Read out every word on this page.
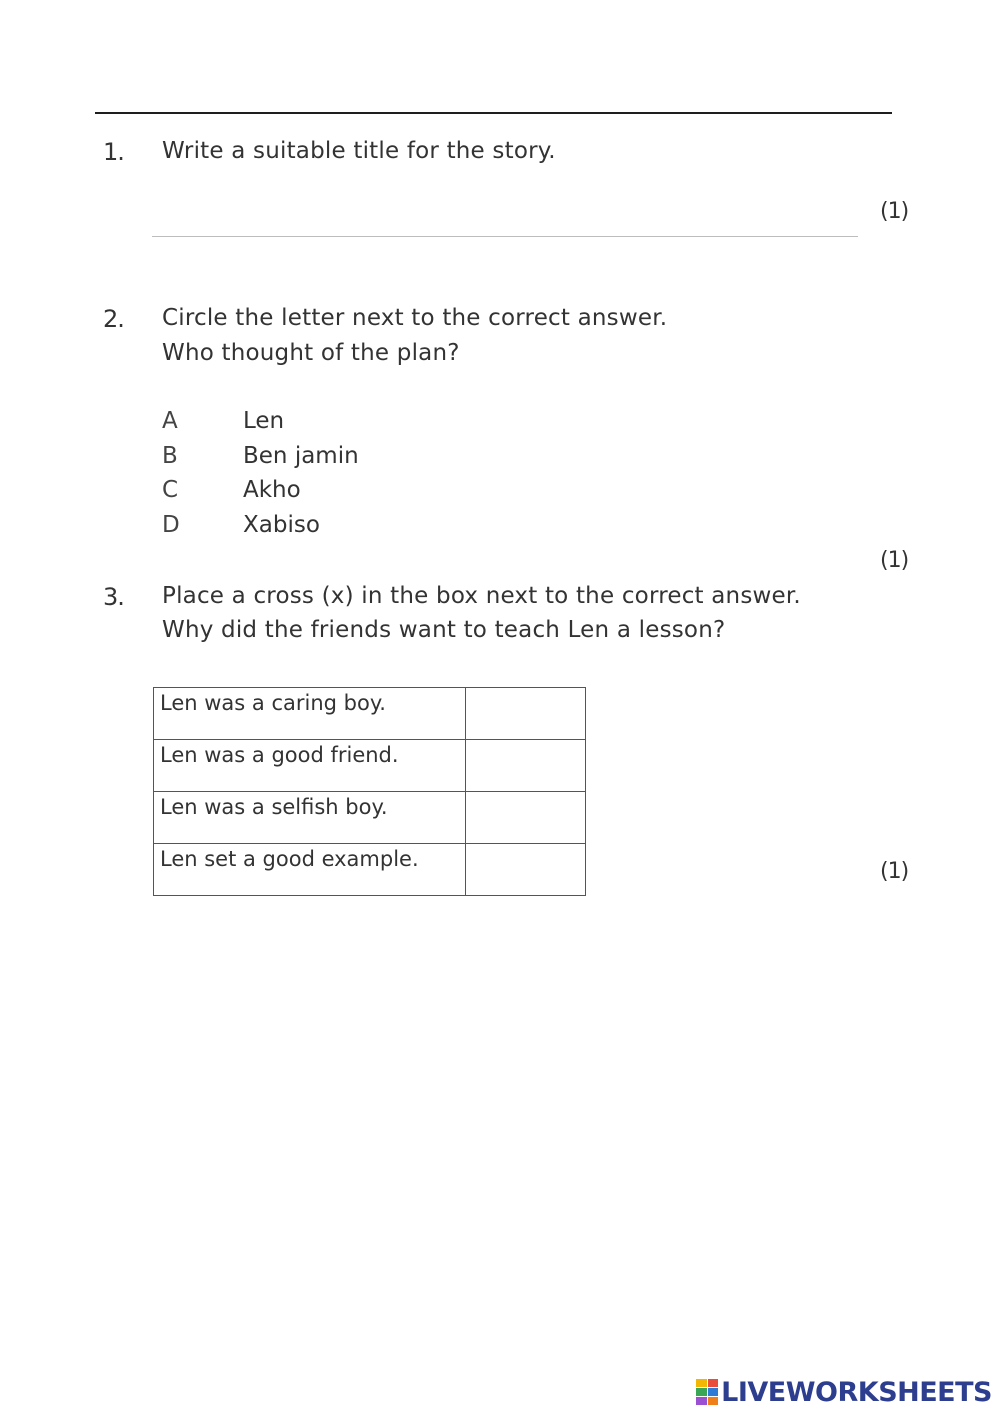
1. Write a suitable title for the story.
(1)
2. Circle the letter next to the correct answer.
Who thought of the plan?
A	Len
B	Ben jamin
C	Akho
D	Xabiso
(1)
3. Place a cross (x) in the box next to the correct answer.
Why did the friends want to teach Len a lesson?
Len was a caring boy.	
Len was a good friend.	
Len was a selfish boy.	
Len set a good example.		(1)
LIVEWORKSHEETS
